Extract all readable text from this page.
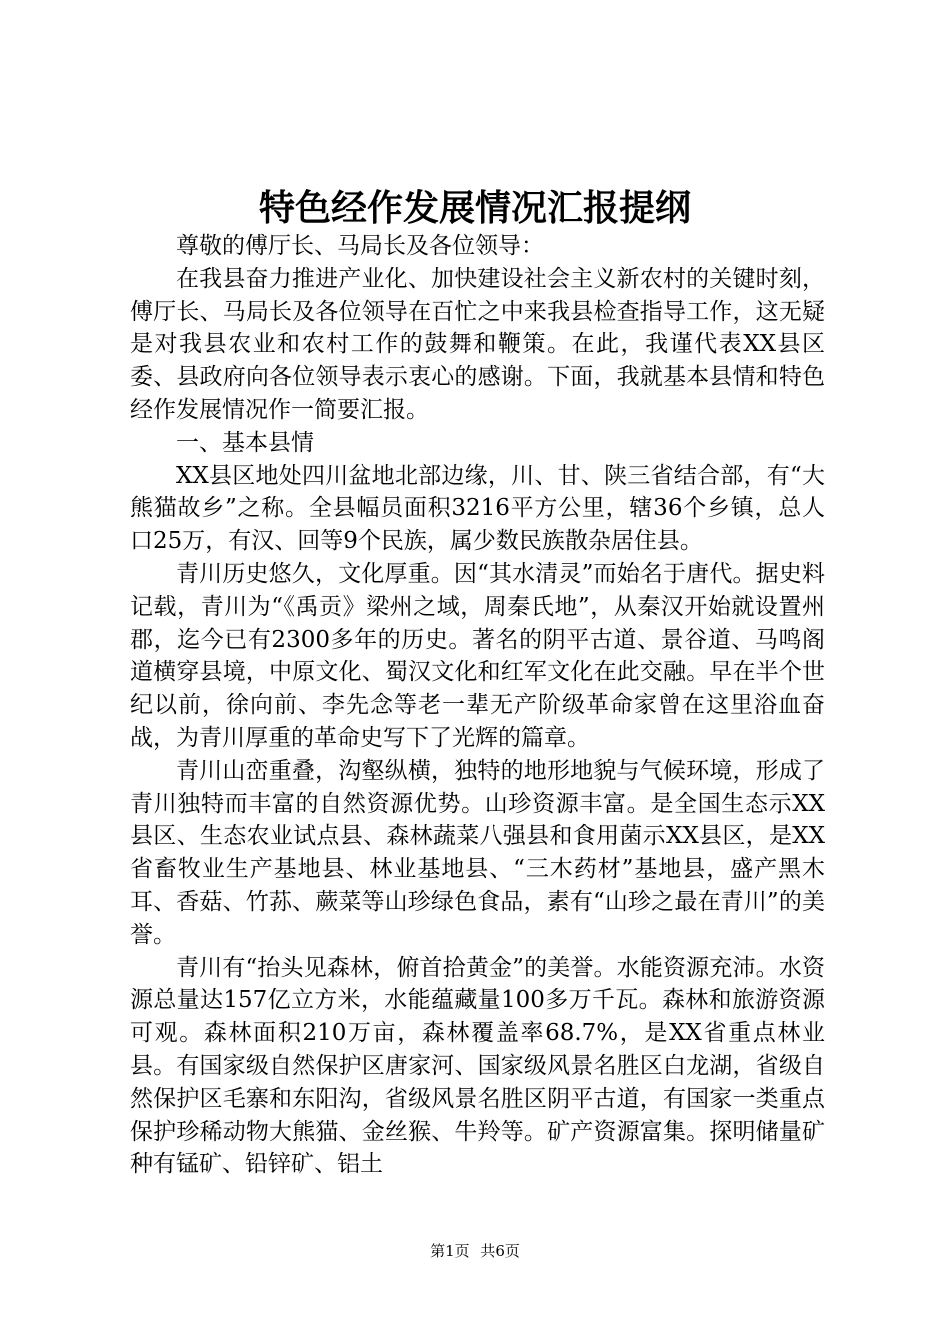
特色经作发展情况汇报提纲

尊敬的傅厅长、马局长及各位领导：

在我县奋力推进产业化、加快建设社会主义新农村的关键时刻，傅厅长、马局长及各位领导在百忙之中来我县检查指导工作，这无疑是对我县农业和农村工作的鼓舞和鞭策。在此，我谨代表XX县区委、县政府向各位领导表示衷心的感谢。下面，我就基本县情和特色经作发展情况作一简要汇报。

一、基本县情

XX县区地处四川盆地北部边缘，川、甘、陕三省结合部，有“大熊猫故乡”之称。全县幅员面积3216平方公里，辖36个乡镇，总人口25万，有汉、回等9个民族，属少数民族散杂居住县。

青川历史悠久，文化厚重。因“其水清灵”而始名于唐代。据史料记载，青川为“《禹贡》梁州之域，周秦氏地”，从秦汉开始就设置州郡，迄今已有2300多年的历史。著名的阴平古道、景谷道、马鸣阁道横穿县境，中原文化、蜀汉文化和红军文化在此交融。早在半个世纪以前，徐向前、李先念等老一辈无产阶级革命家曾在这里浴血奋战，为青川厚重的革命史写下了光辉的篇章。

青川山峦重叠，沟壑纵横，独特的地形地貌与气候环境，形成了青川独特而丰富的自然资源优势。山珍资源丰富。是全国生态示XX县区、生态农业试点县、森林蔬菜八强县和食用菌示XX县区，是XX省畜牧业生产基地县、林业基地县、“三木药材”基地县，盛产黑木耳、香菇、竹荪、蕨菜等山珍绿色食品，素有“山珍之最在青川”的美誉。

青川有“抬头见森林，俯首拾黄金”的美誉。水能资源充沛。水资源总量达157亿立方米，水能蕴藏量100多万千瓦。森林和旅游资源可观。森林面积210万亩，森林覆盖率68.7%，是XX省重点林业县。有国家级自然保护区唐家河、国家级风景名胜区白龙湖，省级自然保护区毛寨和东阳沟，省级风景名胜区阴平古道，有国家一类重点保护珍稀动物大熊猫、金丝猴、牛羚等。矿产资源富集。探明储量矿种有锰矿、铅锌矿、铝土

第1页 共6页
